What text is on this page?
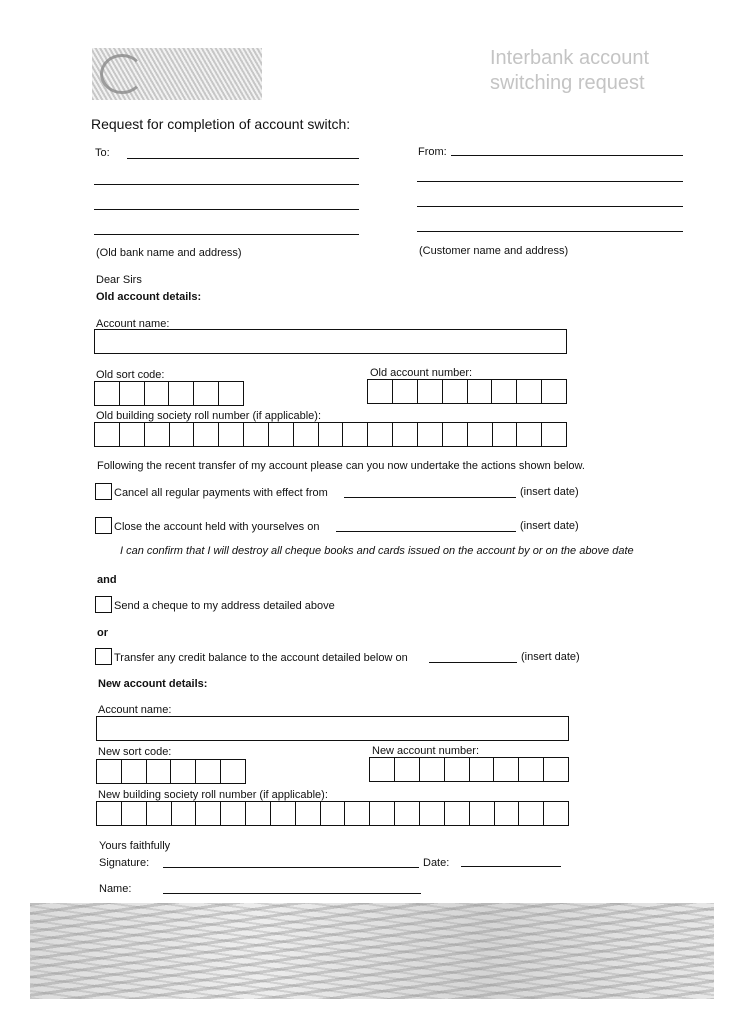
Interbank account
switching request
Request for completion of account switch:
To:
(Old bank name and address)
From:
(Customer name and address)
Dear Sirs
Old account details:
Account name:
Old sort code:	Old account number:
Old building society roll number (if applicable):
Following the recent transfer of my account please can you now undertake the actions shown below.
Cancel all regular payments with effect from	(insert date)
Close the account held with yourselves on	(insert date)
I can confirm that I will destroy all cheque books and cards issued on the account by or on the above date
and
Send a cheque to my address detailed above
or
Transfer any credit balance to the account detailed below on	(insert date)
New account details:
Account name:
New sort code:	New account number:
New building society roll number (if applicable):
Yours faithfully
Signature:	Date:
Name:
